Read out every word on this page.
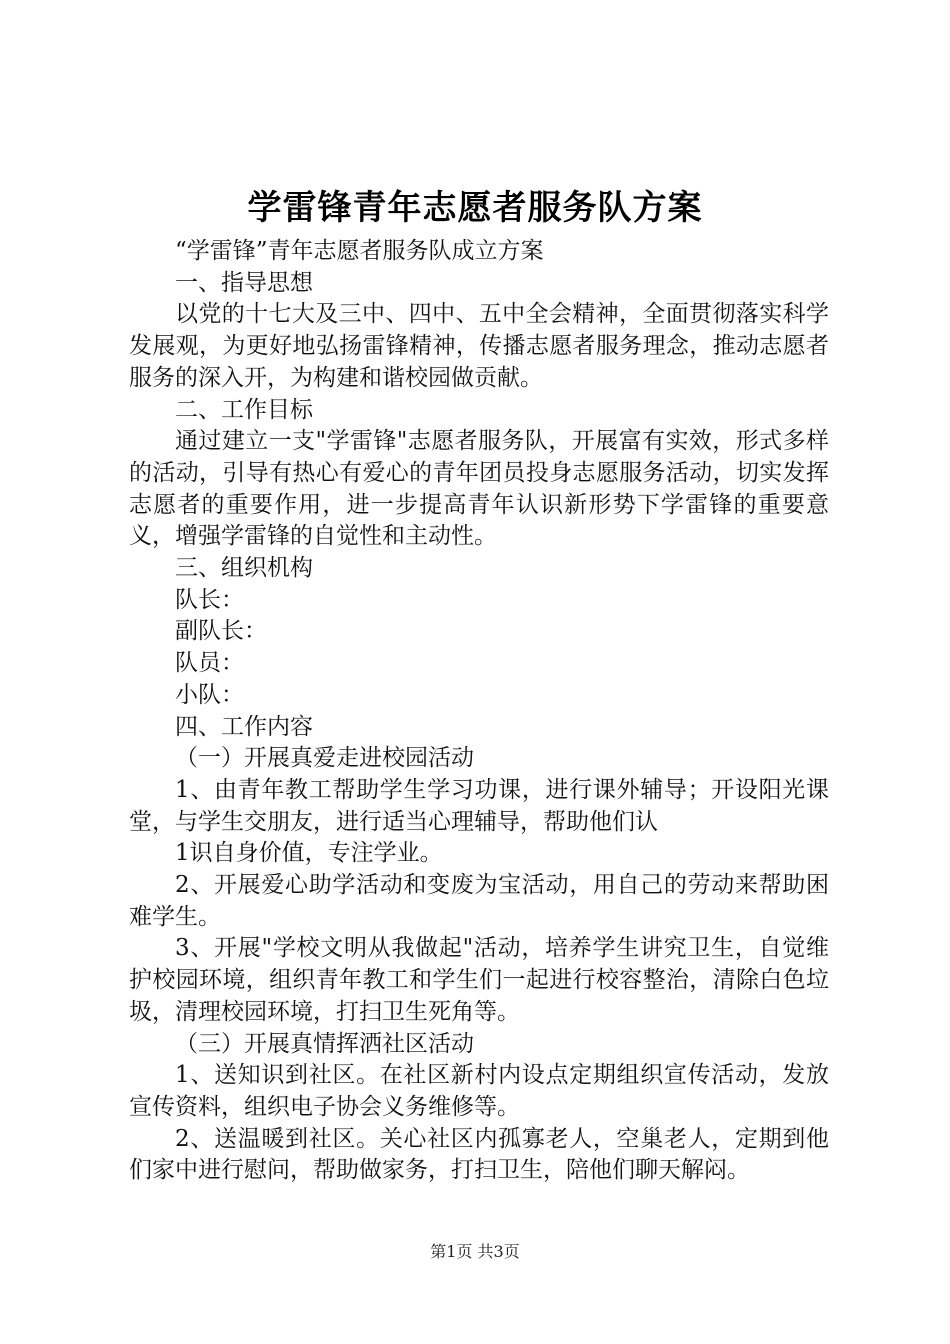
学雷锋青年志愿者服务队方案

“学雷锋”青年志愿者服务队成立方案

一、指导思想

以党的十七大及三中、四中、五中全会精神，全面贯彻落实科学发展观，为更好地弘扬雷锋精神，传播志愿者服务理念，推动志愿者服务的深入开，为构建和谐校园做贡献。

二、工作目标

通过建立一支"学雷锋"志愿者服务队，开展富有实效，形式多样的活动，引导有热心有爱心的青年团员投身志愿服务活动，切实发挥志愿者的重要作用，进一步提高青年认识新形势下学雷锋的重要意义，增强学雷锋的自觉性和主动性。

三、组织机构

队长：

副队长：

队员：

小队：

四、工作内容

（一）开展真爱走进校园活动

1、由青年教工帮助学生学习功课，进行课外辅导；开设阳光课堂，与学生交朋友，进行适当心理辅导，帮助他们认

1识自身价值，专注学业。

2、开展爱心助学活动和变废为宝活动，用自己的劳动来帮助困难学生。

3、开展"学校文明从我做起"活动，培养学生讲究卫生，自觉维护校园环境，组织青年教工和学生们一起进行校容整治，清除白色垃圾，清理校园环境，打扫卫生死角等。

（三）开展真情挥洒社区活动

1、送知识到社区。在社区新村内设点定期组织宣传活动，发放宣传资料，组织电子协会义务维修等。

2、送温暖到社区。关心社区内孤寡老人，空巢老人，定期到他们家中进行慰问，帮助做家务，打扫卫生，陪他们聊天解闷。

第1页 共3页
